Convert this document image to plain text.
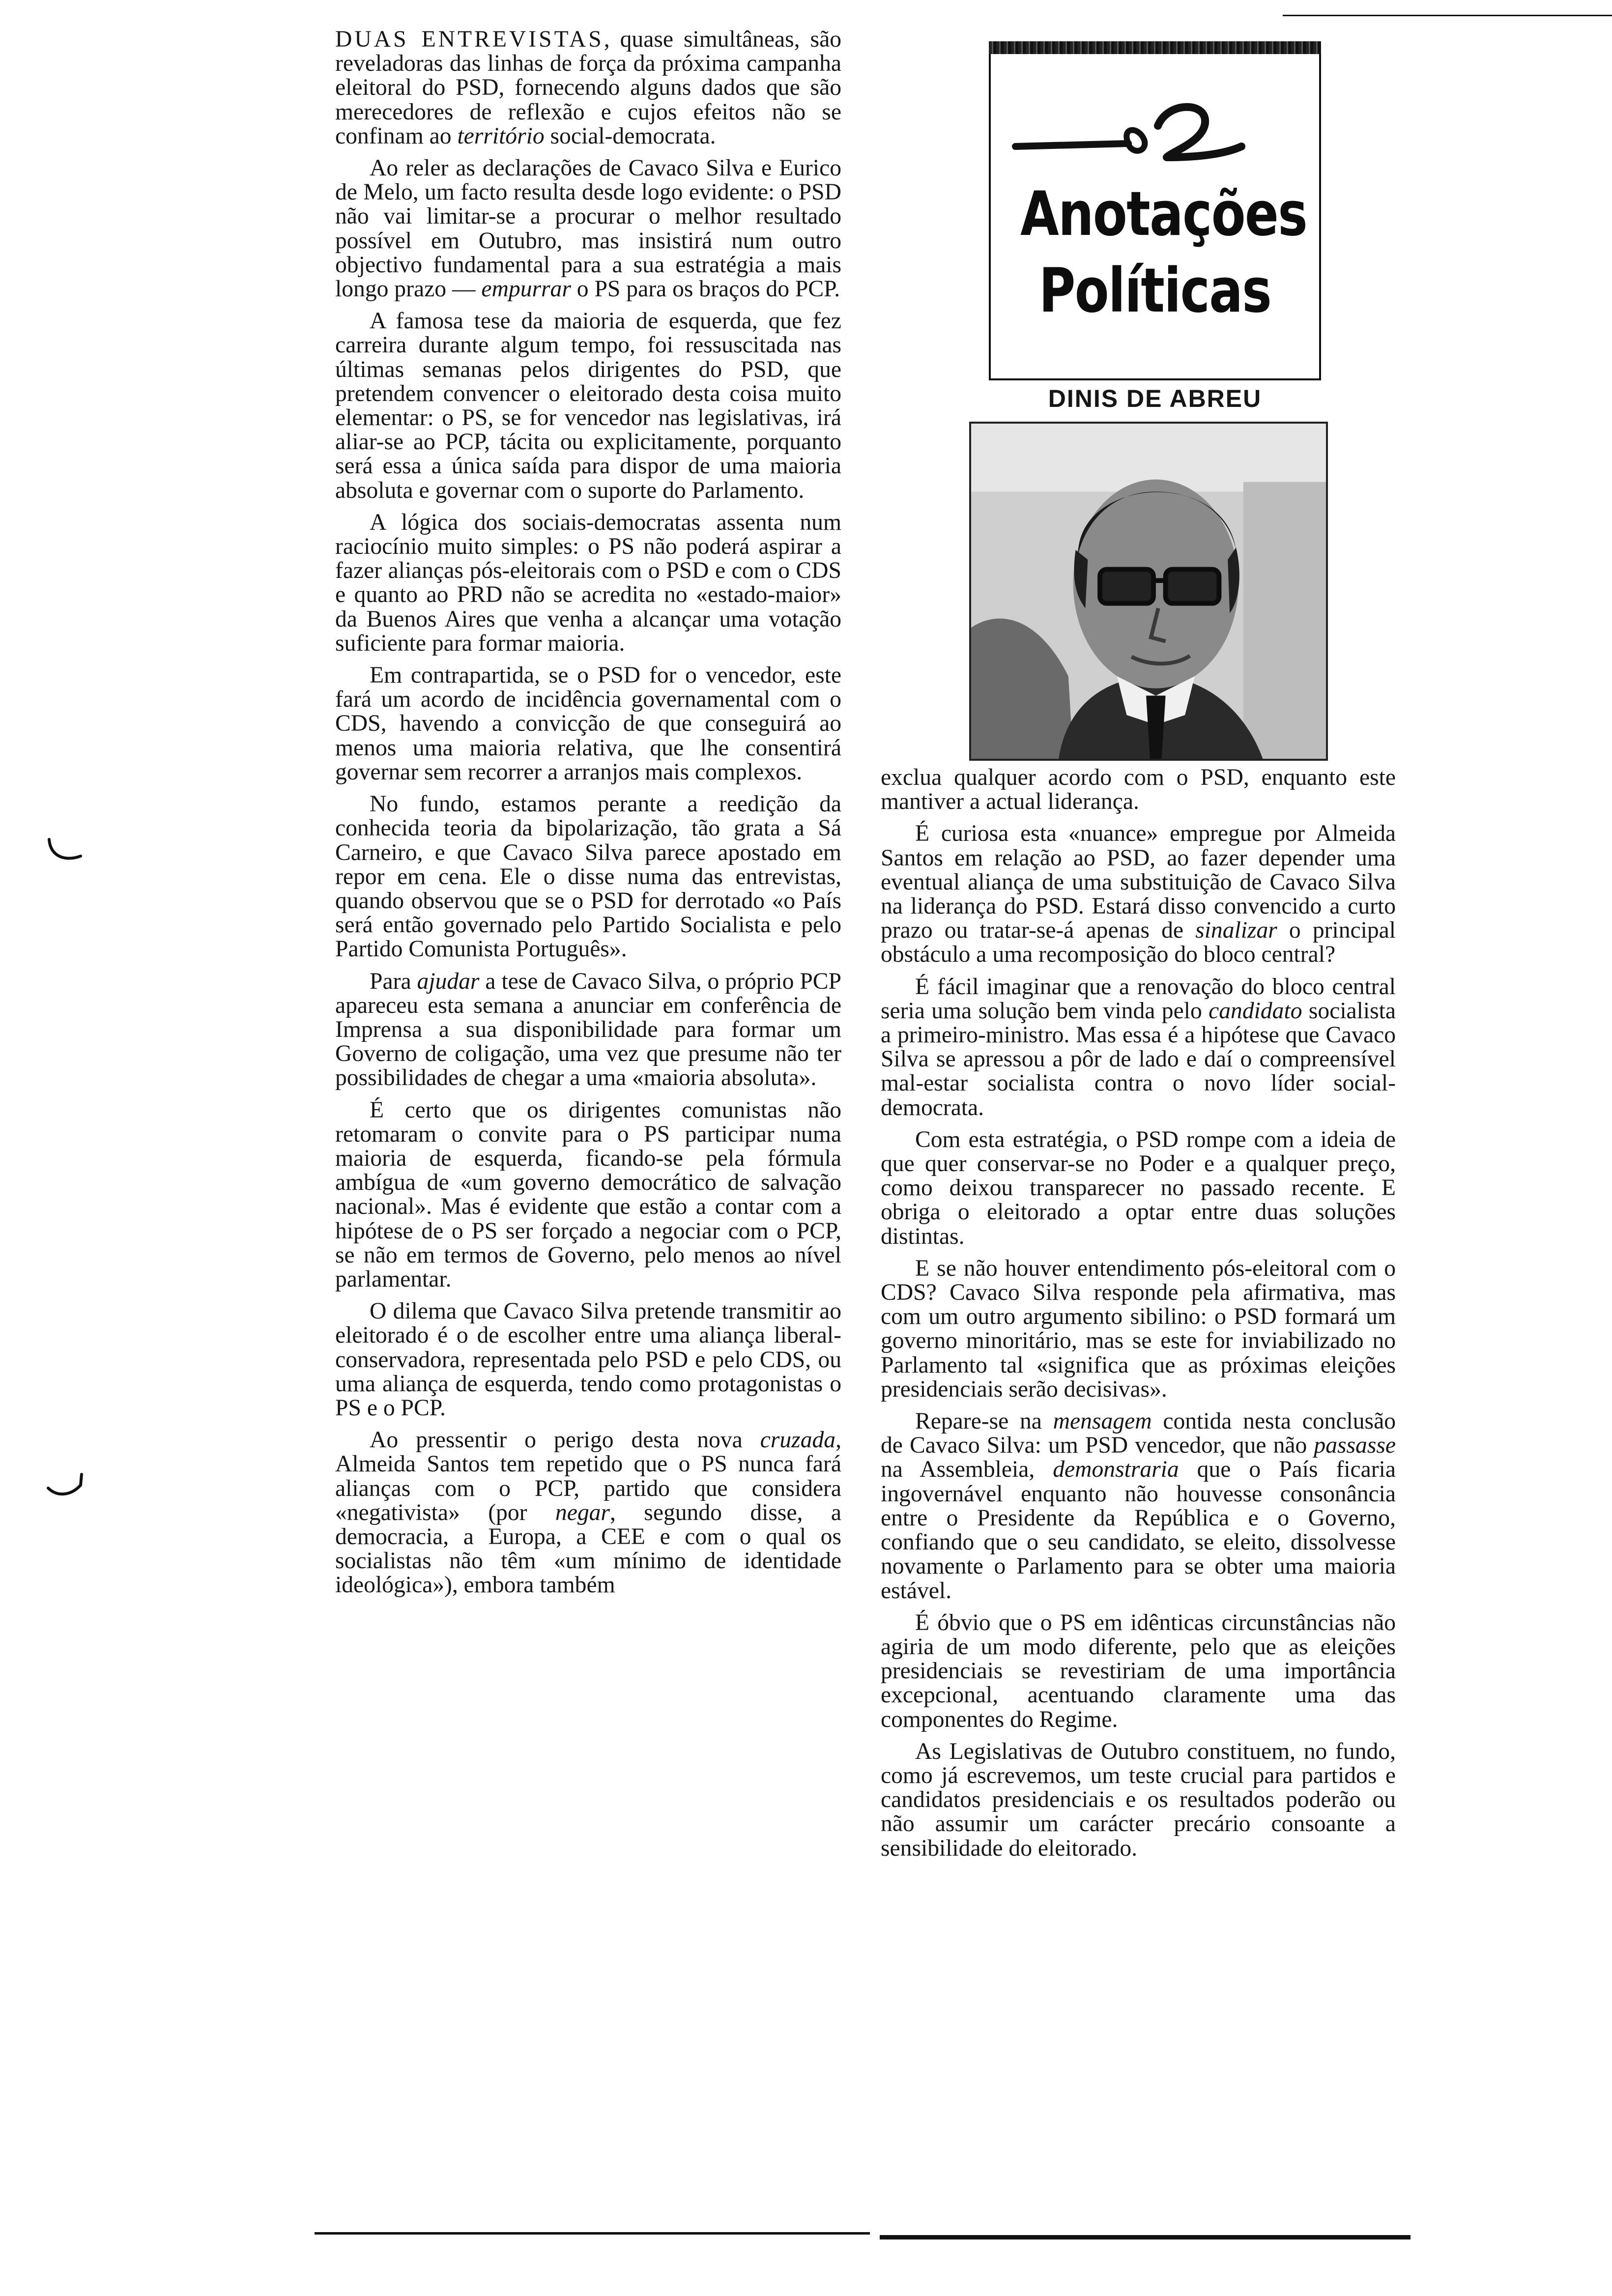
DUAS ENTREVISTAS, quase simultâneas, são reveladoras das linhas de força da próxima campanha eleitoral do PSD, fornecendo alguns dados que são merecedores de reflexão e cujos efeitos não se confinam ao território social-democrata.

Ao reler as declarações de Cavaco Silva e Eurico de Melo, um facto resulta desde logo evidente: o PSD não vai limitar-se a procurar o melhor resultado possível em Outubro, mas insistirá num outro objectivo fundamental para a sua estratégia a mais longo prazo — empurrar o PS para os braços do PCP.

A famosa tese da maioria de esquerda, que fez carreira durante algum tempo, foi ressuscitada nas últimas semanas pelos dirigentes do PSD, que pretendem convencer o eleitorado desta coisa muito elementar: o PS, se for vencedor nas legislativas, irá aliar-se ao PCP, tácita ou explicitamente, porquanto será essa a única saída para dispor de uma maioria absoluta e governar com o suporte do Parlamento.

A lógica dos sociais-democratas assenta num raciocínio muito simples: o PS não poderá aspirar a fazer alianças pós-eleitorais com o PSD e com o CDS e quanto ao PRD não se acredita no «estado-maior» da Buenos Aires que venha a alcançar uma votação suficiente para formar maioria.

Em contrapartida, se o PSD for o vencedor, este fará um acordo de incidência governamental com o CDS, havendo a convicção de que conseguirá ao menos uma maioria relativa, que lhe consentirá governar sem recorrer a arranjos mais complexos.

No fundo, estamos perante a reedição da conhecida teoria da bipolarização, tão grata a Sá Carneiro, e que Cavaco Silva parece apostado em repor em cena. Ele o disse numa das entrevistas, quando observou que se o PSD for derrotado «o País será então governado pelo Partido Socialista e pelo Partido Comunista Português».

Para ajudar a tese de Cavaco Silva, o próprio PCP apareceu esta semana a anunciar em conferência de Imprensa a sua disponibilidade para formar um Governo de coligação, uma vez que presume não ter possibilidades de chegar a uma «maioria absoluta».

É certo que os dirigentes comunistas não retomaram o convite para o PS participar numa maioria de esquerda, ficando-se pela fórmula ambígua de «um governo democrático de salvação nacional». Mas é evidente que estão a contar com a hipótese de o PS ser forçado a negociar com o PCP, se não em termos de Governo, pelo menos ao nível parlamentar.

O dilema que Cavaco Silva pretende transmitir ao eleitorado é o de escolher entre uma aliança liberal-conservadora, representada pelo PSD e pelo CDS, ou uma aliança de esquerda, tendo como protagonistas o PS e o PCP.

Ao pressentir o perigo desta nova cruzada, Almeida Santos tem repetido que o PS nunca fará alianças com o PCP, partido que considera «negativista» (por negar, segundo disse, a democracia, a Europa, a CEE e com o qual os socialistas não têm «um mínimo de identidade ideológica»), embora também

Anotações
Políticas
DINIS DE ABREU

exclua qualquer acordo com o PSD, enquanto este mantiver a actual liderança.

É curiosa esta «nuance» empregue por Almeida Santos em relação ao PSD, ao fazer depender uma eventual aliança de uma substituição de Cavaco Silva na liderança do PSD. Estará disso convencido a curto prazo ou tratar-se-á apenas de sinalizar o principal obstáculo a uma recomposição do bloco central?

É fácil imaginar que a renovação do bloco central seria uma solução bem vinda pelo candidato socialista a primeiro-ministro. Mas essa é a hipótese que Cavaco Silva se apressou a pôr de lado e daí o compreensível mal-estar socialista contra o novo líder social-democrata.

Com esta estratégia, o PSD rompe com a ideia de que quer conservar-se no Poder e a qualquer preço, como deixou transparecer no passado recente. E obriga o eleitorado a optar entre duas soluções distintas.

E se não houver entendimento pós-eleitoral com o CDS? Cavaco Silva responde pela afirmativa, mas com um outro argumento sibilino: o PSD formará um governo minoritário, mas se este for inviabilizado no Parlamento tal «significa que as próximas eleições presidenciais serão decisivas».

Repare-se na mensagem contida nesta conclusão de Cavaco Silva: um PSD vencedor, que não passasse na Assembleia, demonstraria que o País ficaria ingovernável enquanto não houvesse consonância entre o Presidente da República e o Governo, confiando que o seu candidato, se eleito, dissolvesse novamente o Parlamento para se obter uma maioria estável.

É óbvio que o PS em idênticas circunstâncias não agiria de um modo diferente, pelo que as eleições presidenciais se revestiriam de uma importância excepcional, acentuando claramente uma das componentes do Regime.

As Legislativas de Outubro constituem, no fundo, como já escrevemos, um teste crucial para partidos e candidatos presidenciais e os resultados poderão ou não assumir um carácter precário consoante a sensibilidade do eleitorado.
